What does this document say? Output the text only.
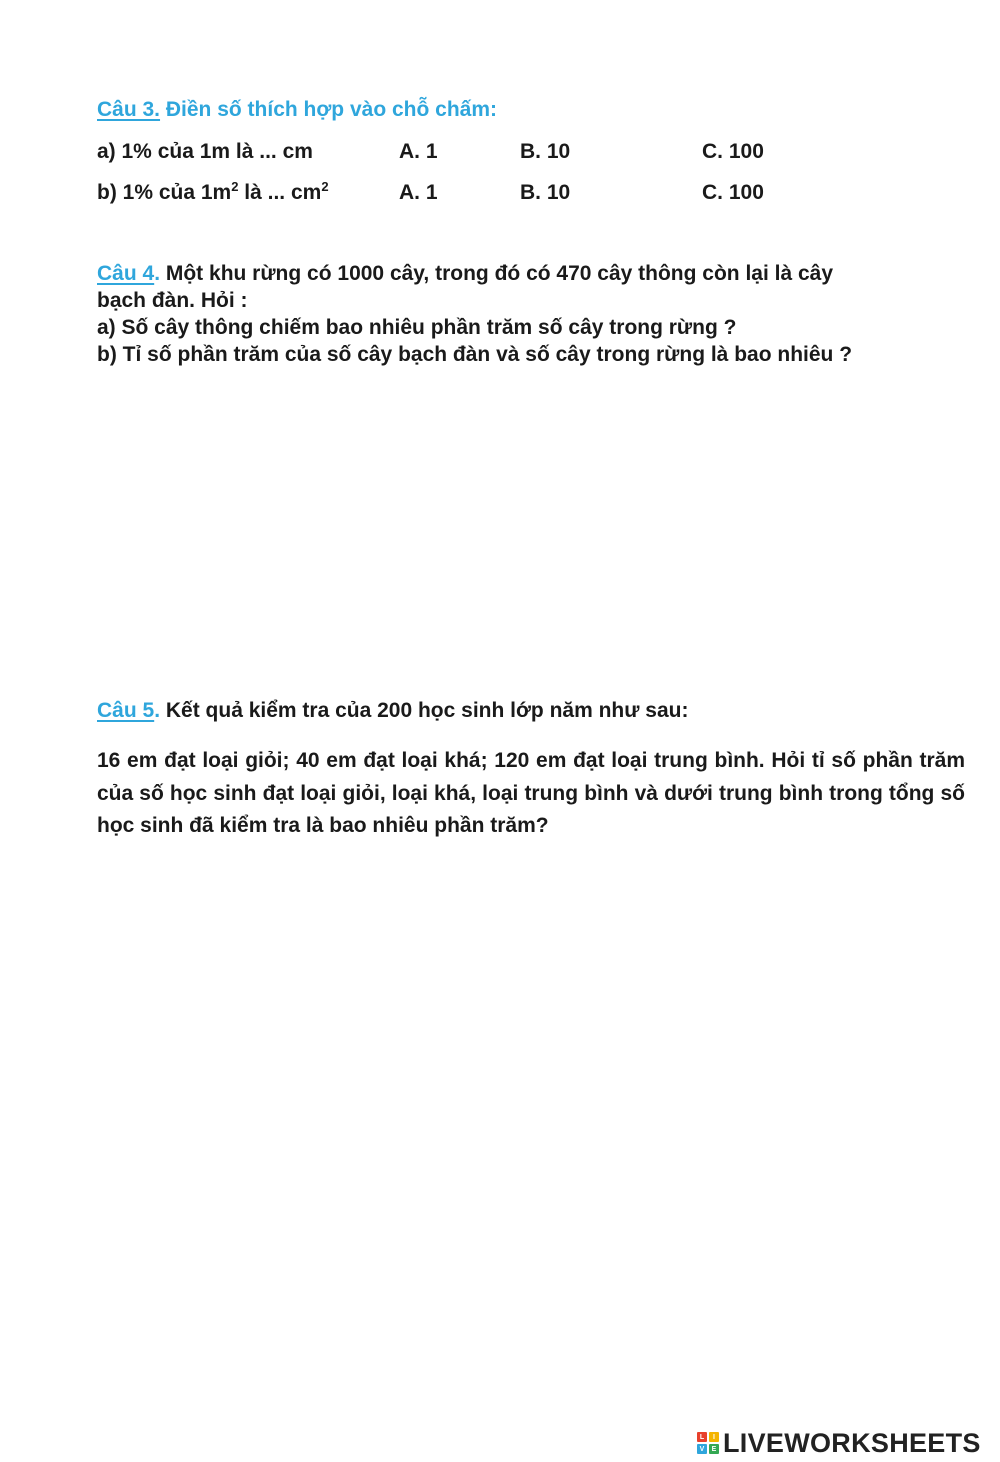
Câu 3. Điền số thích hợp vào chỗ chấm:
a) 1% của 1m là ... cm	A. 1	B. 10	C. 100
b) 1% của $1m^2$ là ... $cm^2$	A. 1	B. 10	C. 100
Câu 4. Một khu rừng có 1000 cây, trong đó có 470 cây thông còn lại là cây
bạch đàn. Hỏi :
a) Số cây thông chiếm bao nhiêu phần trăm số cây trong rừng ?
b) Tỉ số phần trăm của số cây bạch đàn và số cây trong rừng là bao nhiêu ?
Câu 5. Kết quả kiểm tra của 200 học sinh lớp năm như sau:
16 em đạt loại giỏi; 40 em đạt loại khá; 120 em đạt loại trung bình. Hỏi tỉ số phần trăm của số học sinh đạt loại giỏi, loại khá, loại trung bình và dưới trung bình trong tổng số học sinh đã kiểm tra là bao nhiêu phần trăm?
L	I
V	E LIVEWORKSHEETS
